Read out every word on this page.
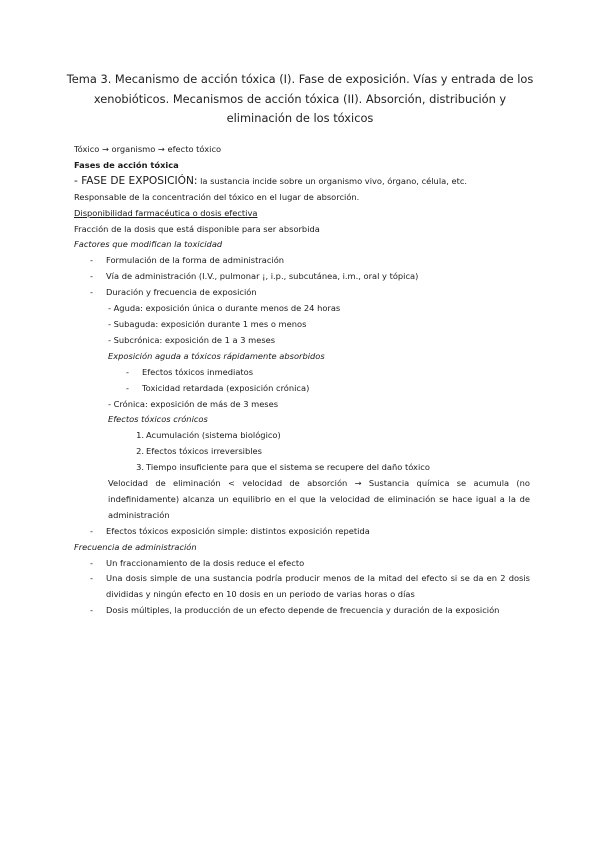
Tema 3. Mecanismo de acción tóxica (I). Fase de exposición. Vías y entrada de los xenobióticos. Mecanismos de acción tóxica (II). Absorción, distribución y eliminación de los tóxicos
Tóxico → organismo → efecto tóxico
Fases de acción tóxica
- FASE DE EXPOSICIÓN: la sustancia incide sobre un organismo vivo, órgano, célula, etc.
Responsable de la concentración del tóxico en el lugar de absorción.
Disponibilidad farmacéutica o dosis efectiva
Fracción de la dosis que está disponible para ser absorbida
Factores que modifican la toxicidad
-	Formulación de la forma de administración
-	Vía de administración (I.V., pulmonar ¡, i.p., subcutánea, i.m., oral y tópica)
-	Duración y frecuencia de exposición
- Aguda: exposición única o durante menos de 24 horas
- Subaguda: exposición durante 1 mes o menos
- Subcrónica: exposición de 1 a 3 meses
Exposición aguda a tóxicos rápidamente absorbidos
-	Efectos tóxicos inmediatos
-	Toxicidad retardada (exposición crónica)
- Crónica: exposición de más de 3 meses
Efectos tóxicos crónicos
1. Acumulación (sistema biológico)
2. Efectos tóxicos irreversibles
3. Tiempo insuficiente para que el sistema se recupere del daño tóxico
Velocidad de eliminación < velocidad de absorción → Sustancia química se acumula (no indefinidamente) alcanza un equilibrio en el que la velocidad de eliminación se hace igual a la de administración
-	Efectos tóxicos exposición simple: distintos exposición repetida
Frecuencia de administración
-	Un fraccionamiento de la dosis reduce el efecto
-	Una dosis simple de una sustancia podría producir menos de la mitad del efecto si se da en 2 dosis divididas y ningún efecto en 10 dosis en un periodo de varias horas o días
-	Dosis múltiples, la producción de un efecto depende de frecuencia y duración de la exposición
